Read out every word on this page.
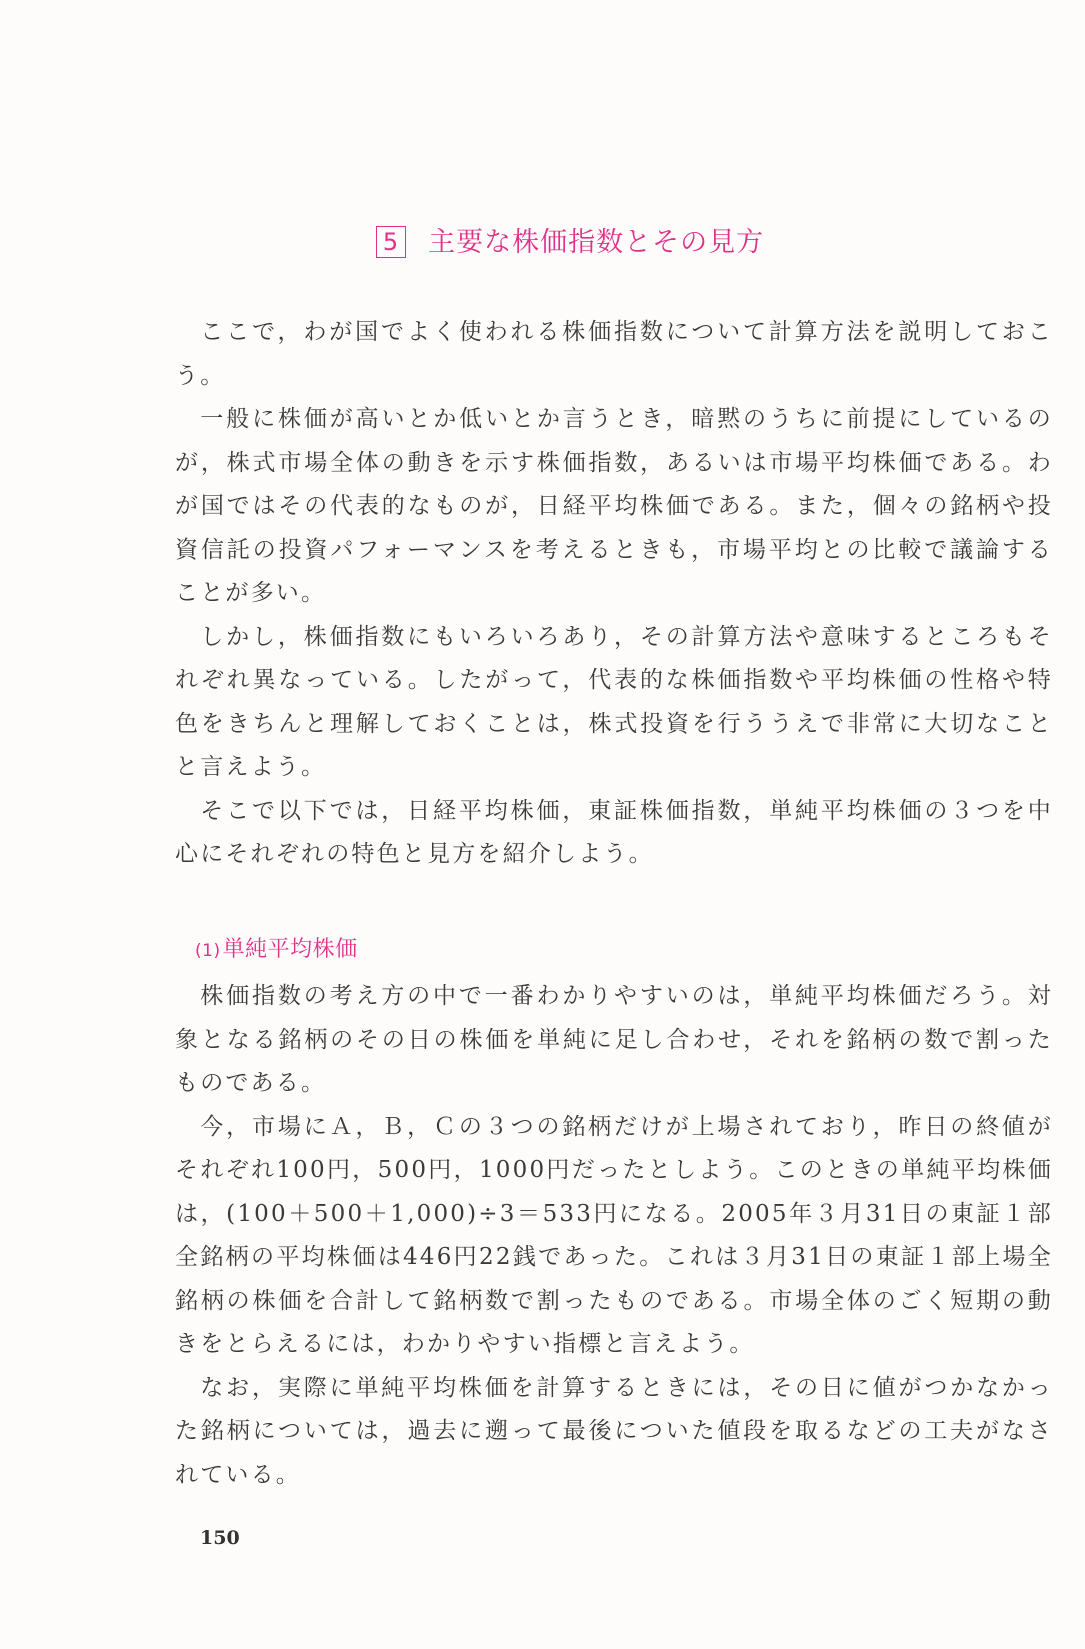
5 主要な株価指数とその見方

ここで，わが国でよく使われる株価指数について計算方法を説明しておこう。

一般に株価が高いとか低いとか言うとき，暗黙のうちに前提にしているのが，株式市場全体の動きを示す株価指数，あるいは市場平均株価である。わが国ではその代表的なものが，日経平均株価である。また，個々の銘柄や投資信託の投資パフォーマンスを考えるときも，市場平均との比較で議論することが多い。

しかし，株価指数にもいろいろあり，その計算方法や意味するところもそれぞれ異なっている。したがって，代表的な株価指数や平均株価の性格や特色をきちんと理解しておくことは，株式投資を行ううえで非常に大切なことと言えよう。

そこで以下では，日経平均株価，東証株価指数，単純平均株価の３つを中心にそれぞれの特色と見方を紹介しよう。

(1)単純平均株価

株価指数の考え方の中で一番わかりやすいのは，単純平均株価だろう。対象となる銘柄のその日の株価を単純に足し合わせ，それを銘柄の数で割ったものである。

今，市場にＡ，Ｂ，Ｃの３つの銘柄だけが上場されており，昨日の終値がそれぞれ100円，500円，1000円だったとしよう。このときの単純平均株価は，(100＋500＋1,000)÷3＝533円になる。2005年３月31日の東証１部全銘柄の平均株価は446円22銭であった。これは３月31日の東証１部上場全銘柄の株価を合計して銘柄数で割ったものである。市場全体のごく短期の動きをとらえるには，わかりやすい指標と言えよう。

なお，実際に単純平均株価を計算するときには，その日に値がつかなかった銘柄については，過去に遡って最後についた値段を取るなどの工夫がなされている。

150
